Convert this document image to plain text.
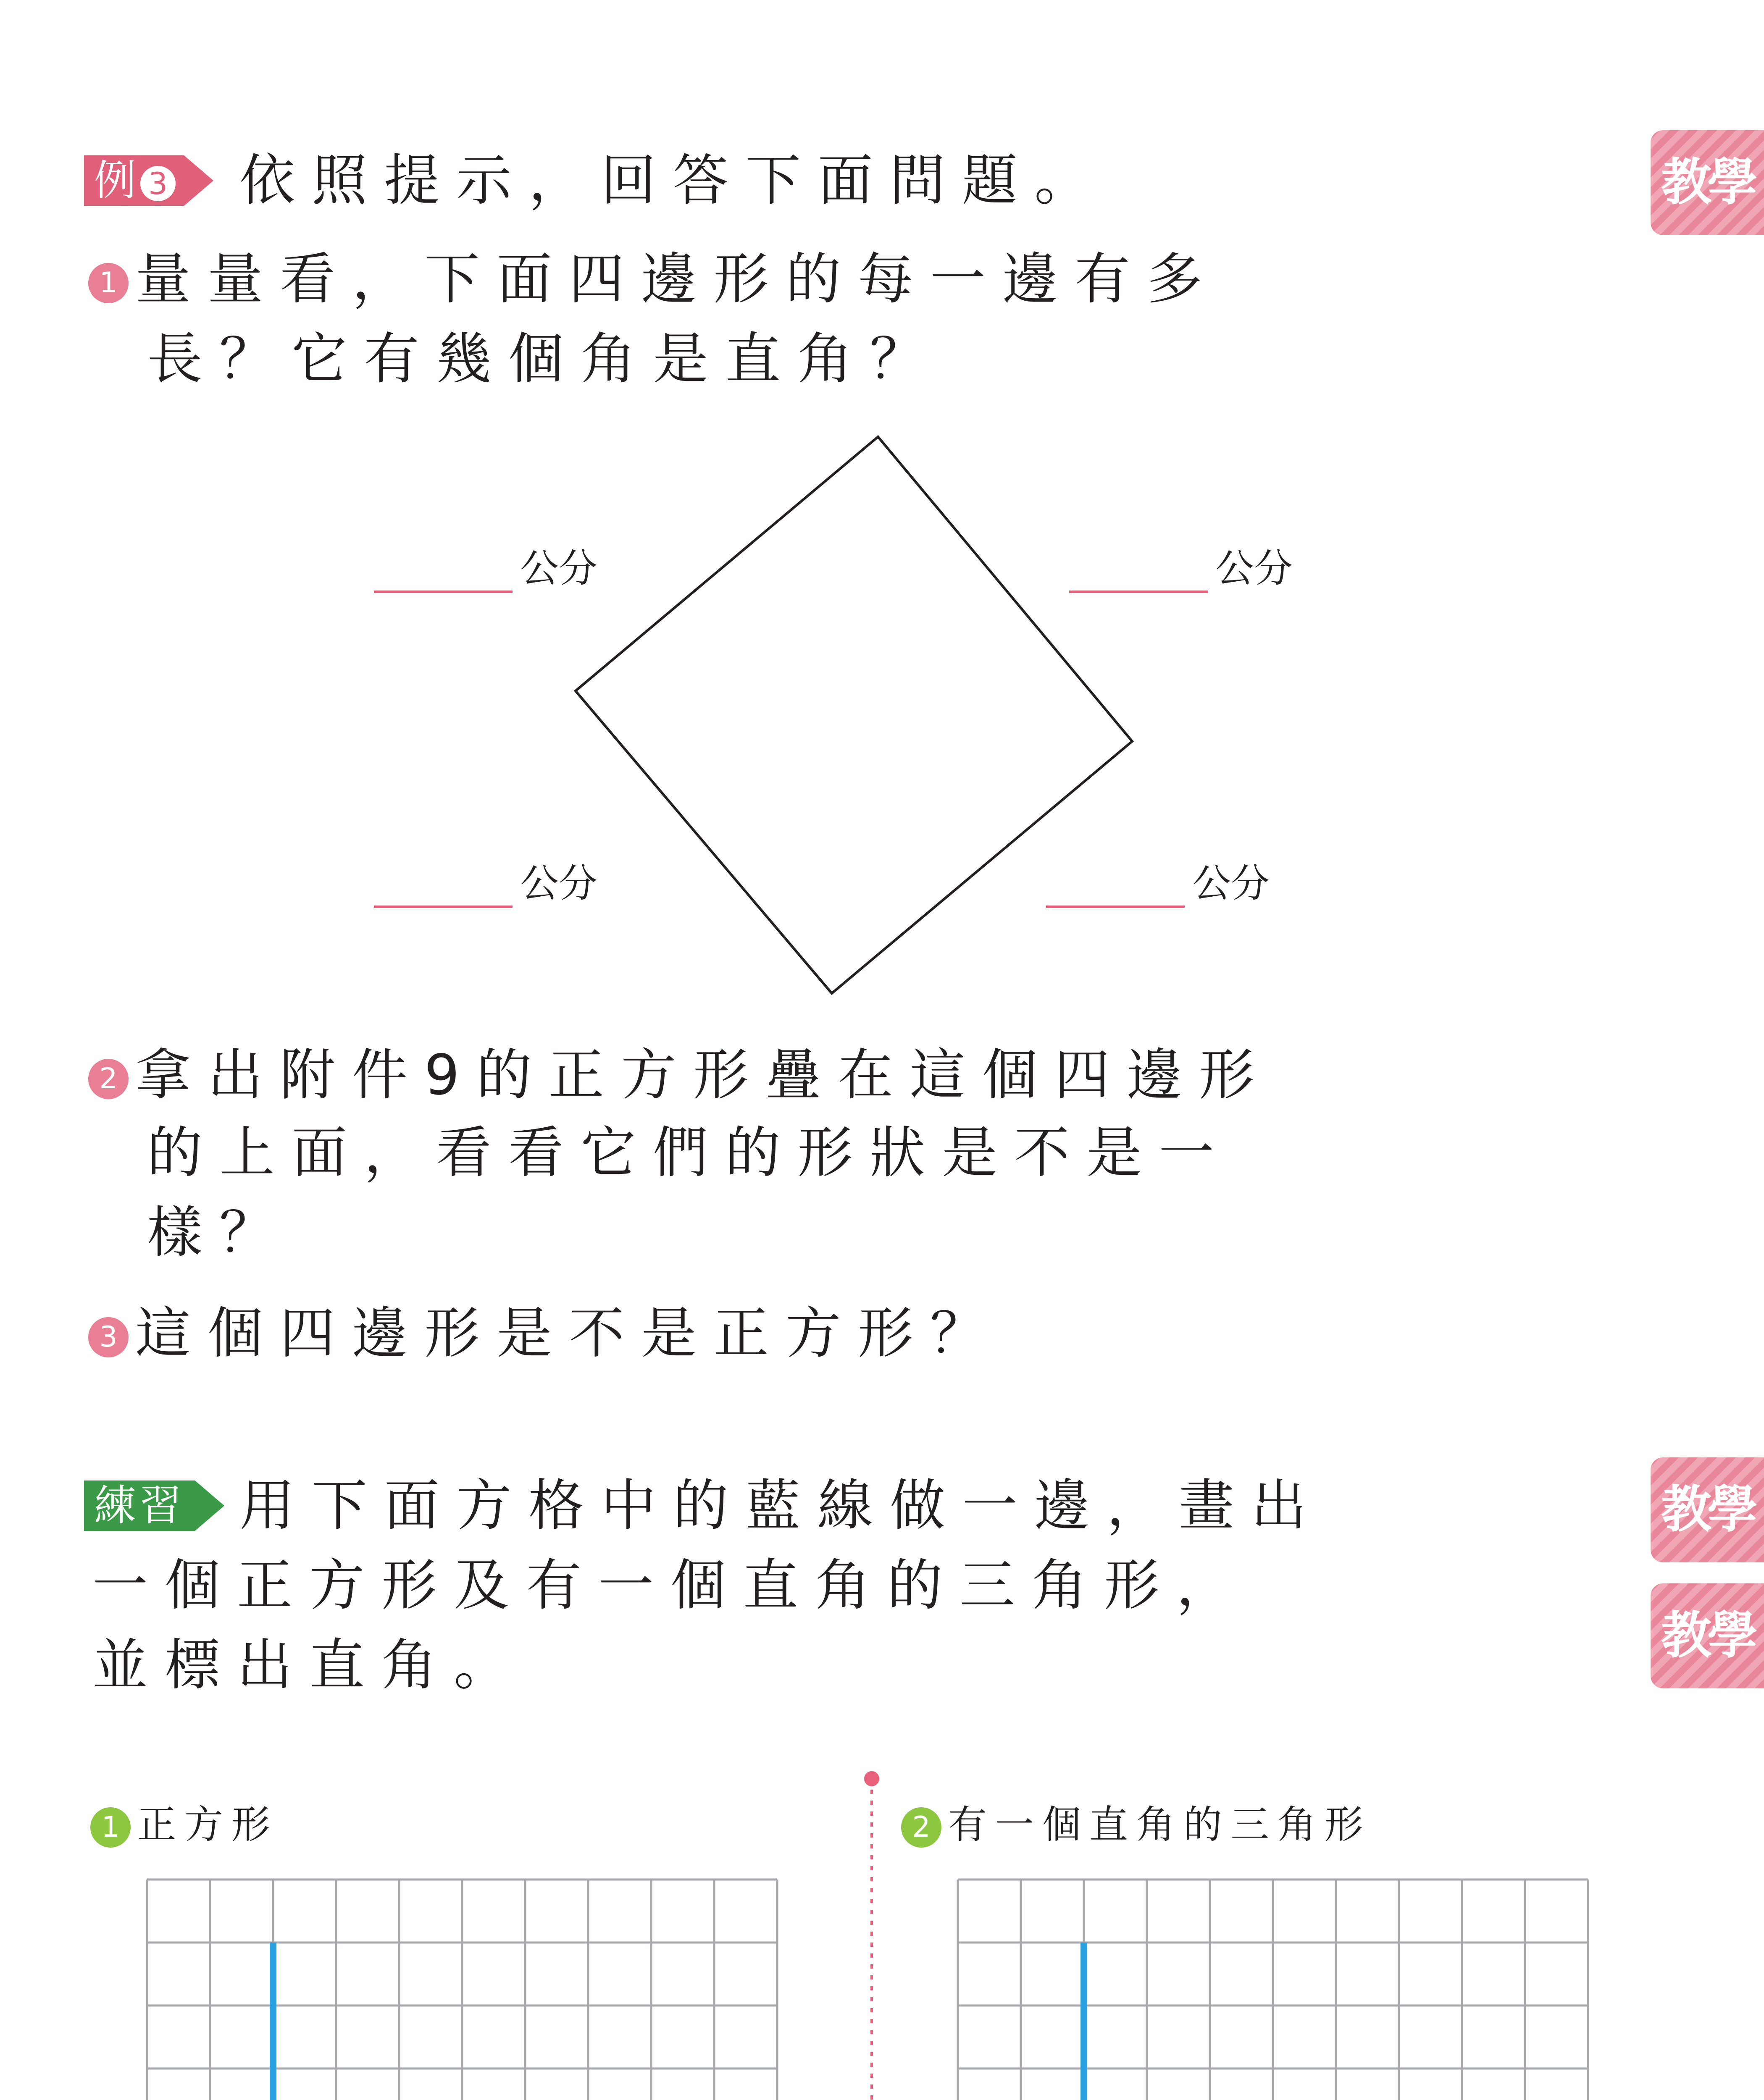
教學
教學
教學
例 3 依照提示，回答下面問題。
1 量量看，下面四邊形的每一邊有多
長？它有幾個角是直角？
公分	公分
公分	公分
2 拿出附件9的正方形疊在這個四邊形
的上面，看看它們的形狀是不是一
樣？
3 這個四邊形是不是正方形？
練習 用下面方格中的藍線做一邊，畫出
一個正方形及有一個直角的三角形，
並標出直角。
1 正方形	2 有一個直角的三角形
